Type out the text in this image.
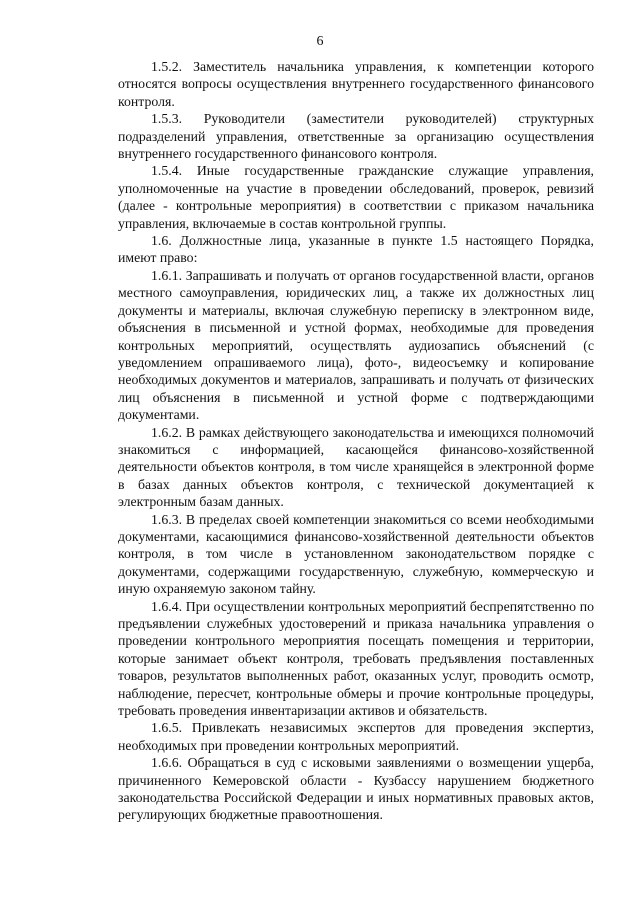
6

1.5.2. Заместитель начальника управления, к компетенции которого относятся вопросы осуществления внутреннего государственного финансового контроля.

1.5.3. Руководители (заместители руководителей) структурных подразделений управления, ответственные за организацию осуществления внутреннего государственного финансового контроля.

1.5.4. Иные государственные гражданские служащие управления, уполномоченные на участие в проведении обследований, проверок, ревизий (далее - контрольные мероприятия) в соответствии с приказом начальника управления, включаемые в состав контрольной группы.

1.6. Должностные лица, указанные в пункте 1.5 настоящего Порядка, имеют право:

1.6.1. Запрашивать и получать от органов государственной власти, органов местного самоуправления, юридических лиц, а также их должностных лиц документы и материалы, включая служебную переписку в электронном виде, объяснения в письменной и устной формах, необходимые для проведения контрольных мероприятий, осуществлять аудиозапись объяснений (с уведомлением опрашиваемого лица), фото-, видеосъемку и копирование необходимых документов и материалов, запрашивать и получать от физических лиц объяснения в письменной и устной форме с подтверждающими документами.

1.6.2. В рамках действующего законодательства и имеющихся полномочий знакомиться с информацией, касающейся финансово-хозяйственной деятельности объектов контроля, в том числе хранящейся в электронной форме в базах данных объектов контроля, с технической документацией к электронным базам данных.

1.6.3. В пределах своей компетенции знакомиться со всеми необходимыми документами, касающимися финансово-хозяйственной деятельности объектов контроля, в том числе в установленном законодательством порядке с документами, содержащими государственную, служебную, коммерческую и иную охраняемую законом тайну.

1.6.4. При осуществлении контрольных мероприятий беспрепятственно по предъявлении служебных удостоверений и приказа начальника управления о проведении контрольного мероприятия посещать помещения и территории, которые занимает объект контроля, требовать предъявления поставленных товаров, результатов выполненных работ, оказанных услуг, проводить осмотр, наблюдение, пересчет, контрольные обмеры и прочие контрольные процедуры, требовать проведения инвентаризации активов и обязательств.

1.6.5. Привлекать независимых экспертов для проведения экспертиз, необходимых при проведении контрольных мероприятий.

1.6.6. Обращаться в суд с исковыми заявлениями о возмещении ущерба, причиненного Кемеровской области - Кузбассу нарушением бюджетного законодательства Российской Федерации и иных нормативных правовых актов, регулирующих бюджетные правоотношения.
